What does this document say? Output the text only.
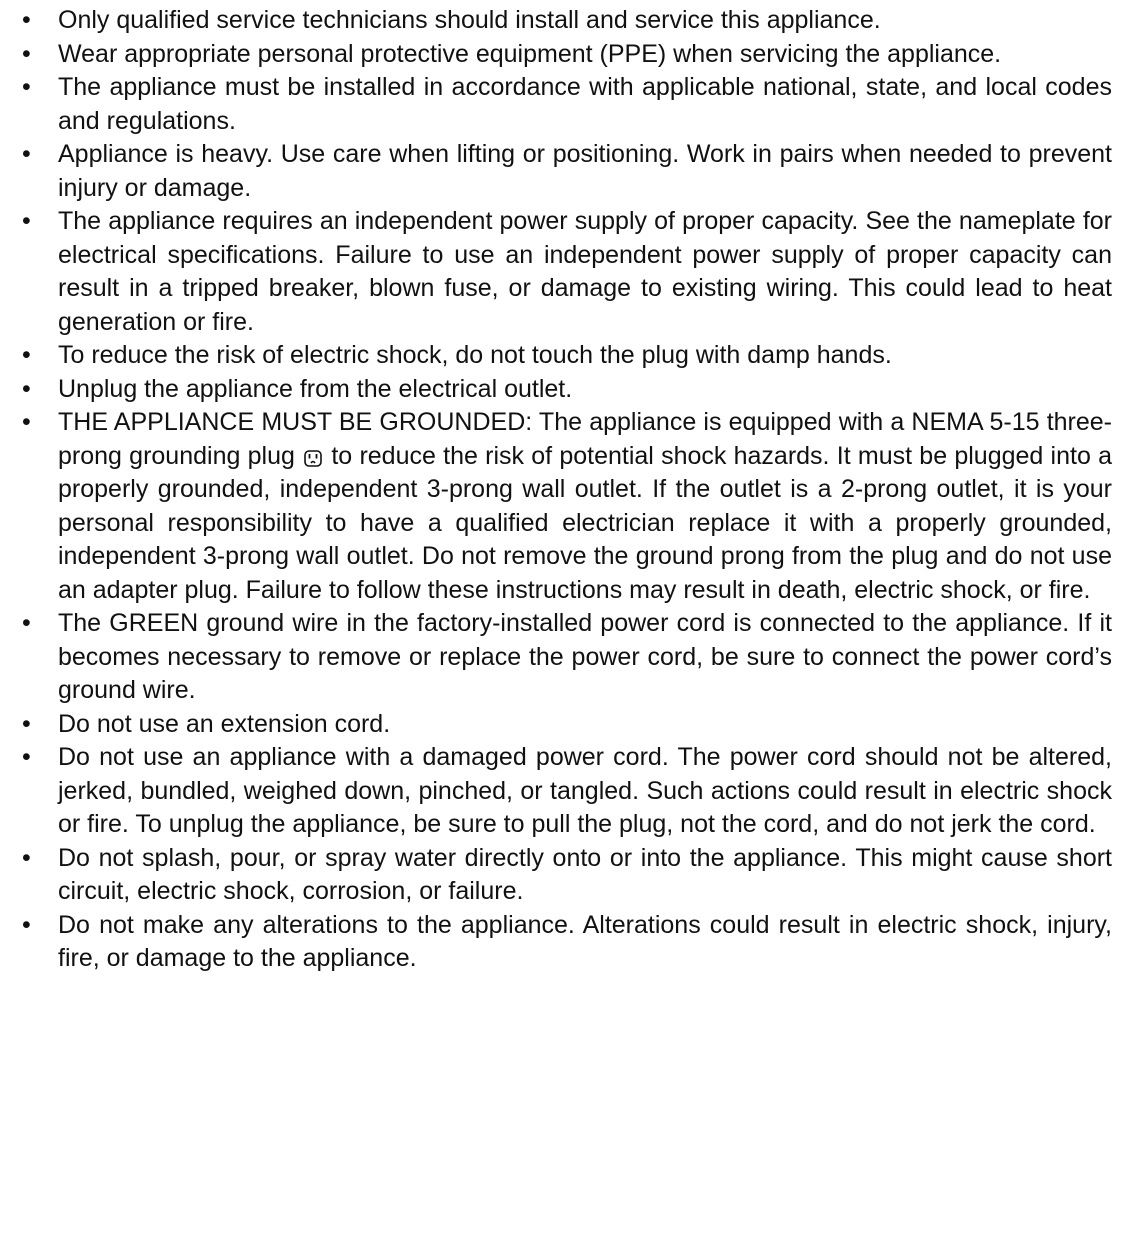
•	Only qualified service technicians should install and service this appliance.
•	Wear appropriate personal protective equipment (PPE) when servicing the appliance.
•	The appliance must be installed in accordance with applicable national, state, and local codes and regulations.
•	Appliance is heavy. Use care when lifting or positioning. Work in pairs when needed to prevent injury or damage.
•	The appliance requires an independent power supply of proper capacity. See the nameplate for electrical specifications. Failure to use an independent power supply of proper capacity can result in a tripped breaker, blown fuse, or damage to existing wiring. This could lead to heat generation or fire.
•	To reduce the risk of electric shock, do not touch the plug with damp hands.
•	Unplug the appliance from the electrical outlet.
•	THE APPLIANCE MUST BE GROUNDED: The appliance is equipped with a NEMA 5-15 three-prong grounding plug  to reduce the risk of potential shock hazards. It must be plugged into a properly grounded, independent 3-prong wall outlet. If the outlet is a 2-prong outlet, it is your personal responsibility to have a qualified electrician replace it with a properly grounded, independent 3-prong wall outlet. Do not remove the ground prong from the plug and do not use an adapter plug. Failure to follow these instructions may result in death, electric shock, or fire.
•	The GREEN ground wire in the factory-installed power cord is connected to the appliance. If it becomes necessary to remove or replace the power cord, be sure to connect the power cord’s ground wire.
•	Do not use an extension cord.
•	Do not use an appliance with a damaged power cord. The power cord should not be altered, jerked, bundled, weighed down, pinched, or tangled. Such actions could result in electric shock or fire. To unplug the appliance, be sure to pull the plug, not the cord, and do not jerk the cord.
•	Do not splash, pour, or spray water directly onto or into the appliance. This might cause short circuit, electric shock, corrosion, or failure.
•	Do not make any alterations to the appliance. Alterations could result in electric shock, injury, fire, or damage to the appliance.
